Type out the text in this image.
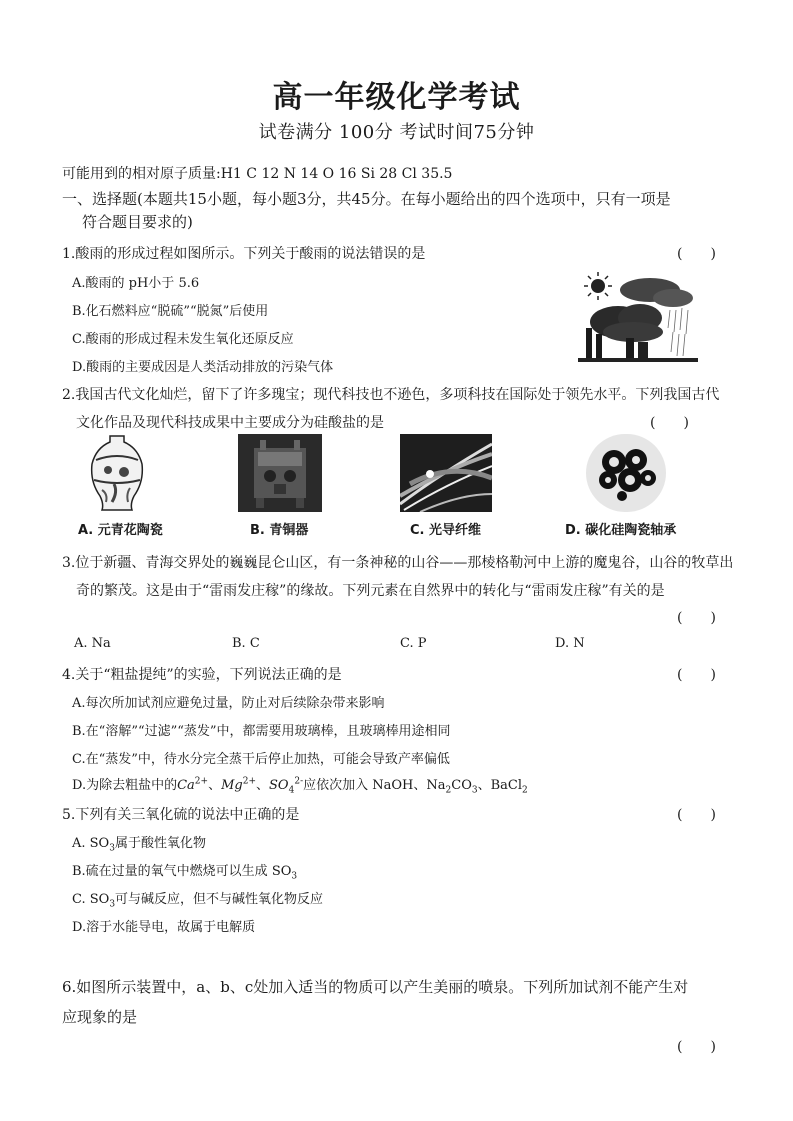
高一年级化学考试
试卷满分 100分 考试时间75分钟
可能用到的相对原子质量:H1 C 12 N 14 O 16 Si 28 Cl 35.5
一、选择题(本题共15小题，每小题3分，共45分。在每小题给出的四个选项中，只有一项是
符合题目要求的)
1.酸雨的形成过程如图所示。下列关于酸雨的说法错误的是	(　　)
A.酸雨的 pH小于 5.6
B.化石燃料应“脱硫”“脱氮”后使用
C.酸雨的形成过程未发生氧化还原反应
D.酸雨的主要成因是人类活动排放的污染气体
2.我国古代文化灿烂，留下了许多瑰宝；现代科技也不逊色，多项科技在国际处于领先水平。下列我国古代
文化作品及现代科技成果中主要成分为硅酸盐的是	(　　)
A. 元青花陶瓷	B. 青铜器	C. 光导纤维	D. 碳化硅陶瓷轴承
3.位于新疆、青海交界处的巍巍昆仑山区，有一条神秘的山谷——那棱格勒河中上游的魔鬼谷，山谷的牧草出
奇的繁茂。这是由于“雷雨发庄稼”的缘故。下列元素在自然界中的转化与“雷雨发庄稼”有关的是
(　　)
A. Na	B. C	C. P	D. N
4.关于“粗盐提纯”的实验，下列说法正确的是	(　　)
A.每次所加试剂应避免过量，防止对后续除杂带来影响
B.在“溶解”“过滤”“蒸发”中，都需要用玻璃棒，且玻璃棒用途相同
C.在“蒸发”中，待水分完全蒸干后停止加热，可能会导致产率偏低
D.为除去粗盐中的$Ca^{2+}$、$Mg^{2+}$、$SO_4^{2-}$应依次加入 NaOH、$Na_2CO_3$、BaCl$_2$
5.下列有关三氧化硫的说法中正确的是	(　　)
A. $SO_3$属于酸性氧化物
B.硫在过量的氧气中燃烧可以生成 $SO_3$
C. $SO_3$可与碱反应，但不与碱性氧化物反应
D.溶于水能导电，故属于电解质
6.如图所示装置中，a、b、c处加入适当的物质可以产生美丽的喷泉。下列所加试剂不能产生对
应现象的是
(　　)
